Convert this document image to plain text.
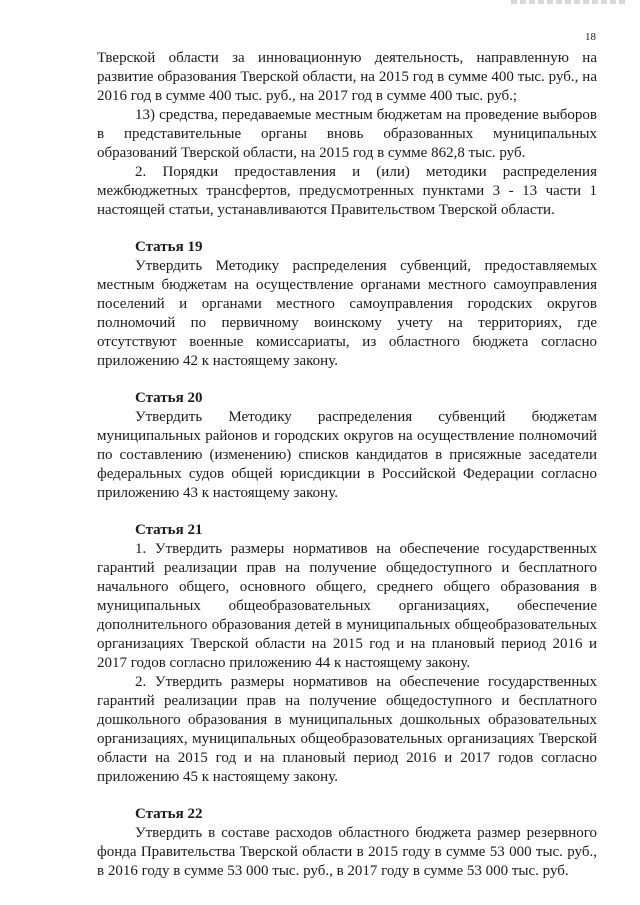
18

Тверской области за инновационную деятельность, направленную на развитие образования Тверской области, на 2015 год в сумме 400 тыс. руб., на 2016 год в сумме 400 тыс. руб., на 2017 год в сумме 400 тыс. руб.;

13) средства, передаваемые местным бюджетам на проведение выборов в представительные органы вновь образованных муниципальных образований Тверской области, на 2015 год в сумме 862,8 тыс. руб.

2. Порядки предоставления и (или) методики распределения межбюджетных трансфертов, предусмотренных пунктами 3 - 13 части 1 настоящей статьи, устанавливаются Правительством Тверской области.

Статья 19

Утвердить Методику распределения субвенций, предоставляемых местным бюджетам на осуществление органами местного самоуправления поселений и органами местного самоуправления городских округов полномочий по первичному воинскому учету на территориях, где отсутствуют военные комиссариаты, из областного бюджета согласно приложению 42 к настоящему закону.

Статья 20

Утвердить Методику распределения субвенций бюджетам муниципальных районов и городских округов на осуществление полномочий по составлению (изменению) списков кандидатов в присяжные заседатели федеральных судов общей юрисдикции в Российской Федерации согласно приложению 43 к настоящему закону.

Статья 21

1. Утвердить размеры нормативов на обеспечение государственных гарантий реализации прав на получение общедоступного и бесплатного начального общего, основного общего, среднего общего образования в муниципальных общеобразовательных организациях, обеспечение дополнительного образования детей в муниципальных общеобразовательных организациях Тверской области на 2015 год и на плановый период 2016 и 2017 годов согласно приложению 44 к настоящему закону.

2. Утвердить размеры нормативов на обеспечение государственных гарантий реализации прав на получение общедоступного и бесплатного дошкольного образования в муниципальных дошкольных образовательных организациях, муниципальных общеобразовательных организациях Тверской области на 2015 год и на плановый период 2016 и 2017 годов согласно приложению 45 к настоящему закону.

Статья 22

Утвердить в составе расходов областного бюджета размер резервного фонда Правительства Тверской области в 2015 году в сумме 53 000 тыс. руб., в 2016 году в сумме 53 000 тыс. руб., в 2017 году в сумме 53 000 тыс. руб.
